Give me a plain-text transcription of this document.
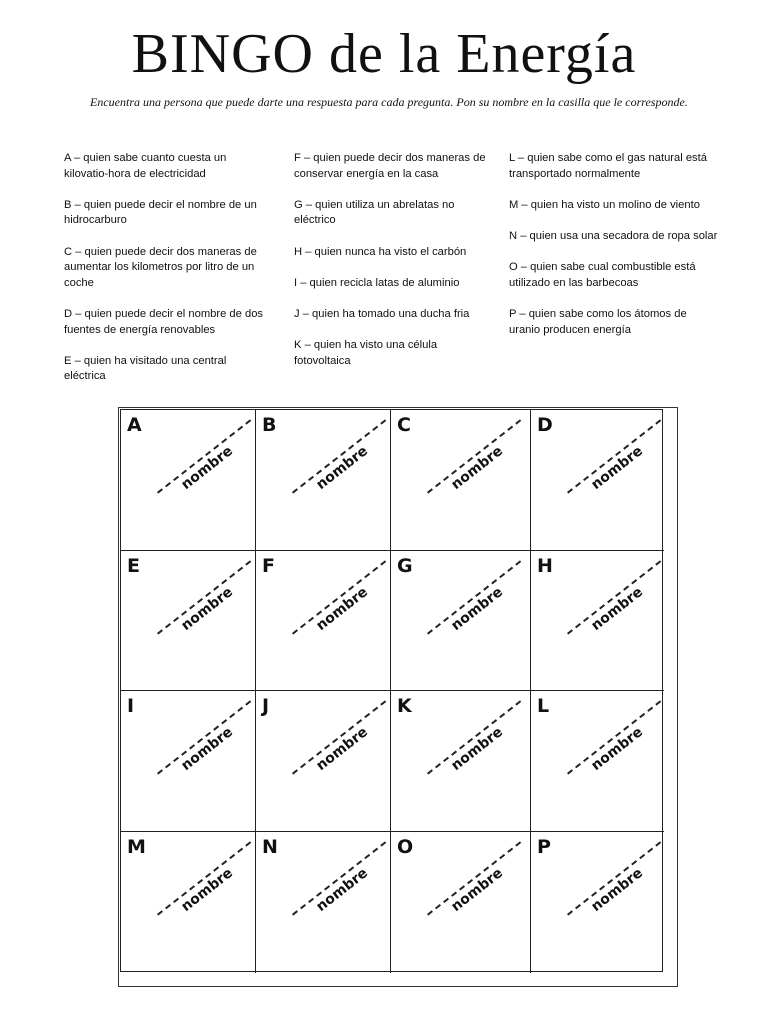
BINGO de la Energía
Encuentra una persona que puede darte una respuesta para cada pregunta. Pon su nombre en la casilla que le corresponde.

A – quien sabe cuanto cuesta un kilovatio-hora de electricidad

B – quien puede decir el nombre de un hidrocarburo

C – quien puede decir dos maneras de aumentar los kilometros por litro de un coche

D – quien puede decir el nombre de dos fuentes de energía renovables

E – quien ha visitado una central eléctrica

F – quien puede decir dos maneras de conservar energía en la casa

G – quien utiliza un abrelatas no eléctrico

H – quien nunca ha visto el carbón

I – quien recicla latas de aluminio

J – quien ha tomado una ducha fria

K – quien ha visto una célula fotovoltaica

L – quien sabe como el gas natural está transportado normalmente

M – quien ha visto un molino de viento

N – quien usa una secadora de ropa solar

O – quien sabe cual combustible está utilizado en las barbecoas

P – quien sabe como los átomos de uranio producen energía

A
nombre
B
nombre
C
nombre
D
nombre
E
nombre
F
nombre
G
nombre
H
nombre
I
nombre
J
nombre
K
nombre
L
nombre
M
nombre
N
nombre
O
nombre
P
nombre
